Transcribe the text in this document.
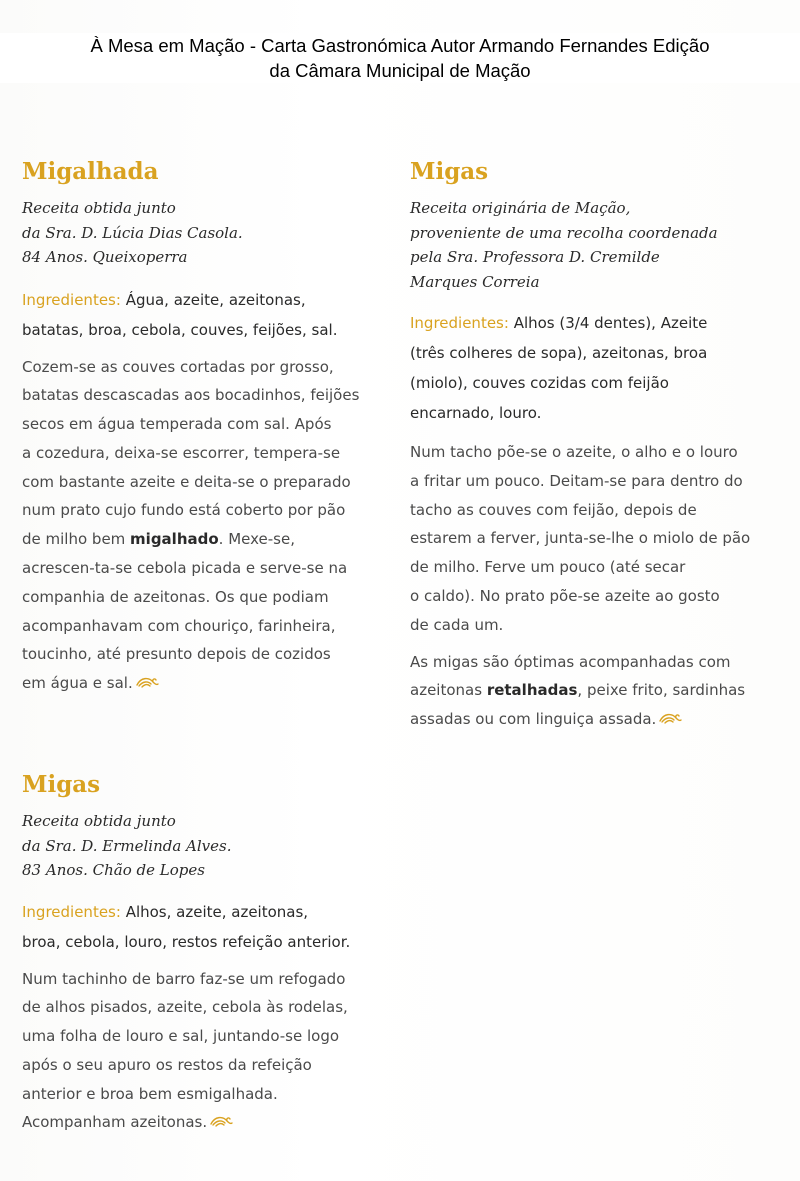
À Mesa em Mação - Carta Gastronómica Autor Armando Fernandes Edição
da Câmara Municipal de Mação
Migalhada
Receita obtida junto
da Sra. D. Lúcia Dias Casola.
84 Anos. Queixoperra
Ingredientes: Água, azeite, azeitonas,
batatas, broa, cebola, couves, feijões, sal.
Cozem-se as couves cortadas por grosso,
batatas descascadas aos bocadinhos, feijões
secos em água temperada com sal. Após
a cozedura, deixa-se escorrer, tempera-se
com bastante azeite e deita-se o preparado
num prato cujo fundo está coberto por pão
de milho bem migalhado. Mexe-se,
acrescen-ta-se cebola picada e serve-se na
companhia de azeitonas. Os que podiam
acompanhavam com chouriço, farinheira,
toucinho, até presunto depois de cozidos
em água e sal.
Migas
Receita originária de Mação,
proveniente de uma recolha coordenada
pela Sra. Professora D. Cremilde
Marques Correia
Ingredientes: Alhos (3/4 dentes), Azeite
(três colheres de sopa), azeitonas, broa
(miolo), couves cozidas com feijão
encarnado, louro.
Num tacho põe-se o azeite, o alho e o louro
a fritar um pouco. Deitam-se para dentro do
tacho as couves com feijão, depois de
estarem a ferver, junta-se-lhe o miolo de pão
de milho. Ferve um pouco (até secar
o caldo). No prato põe-se azeite ao gosto
de cada um.
As migas são óptimas acompanhadas com
azeitonas retalhadas, peixe frito, sardinhas
assadas ou com linguiça assada.
Migas
Receita obtida junto
da Sra. D. Ermelinda Alves.
83 Anos. Chão de Lopes
Ingredientes: Alhos, azeite, azeitonas,
broa, cebola, louro, restos refeição anterior.
Num tachinho de barro faz-se um refogado
de alhos pisados, azeite, cebola às rodelas,
uma folha de louro e sal, juntando-se logo
após o seu apuro os restos da refeição
anterior e broa bem esmigalhada.
Acompanham azeitonas.
